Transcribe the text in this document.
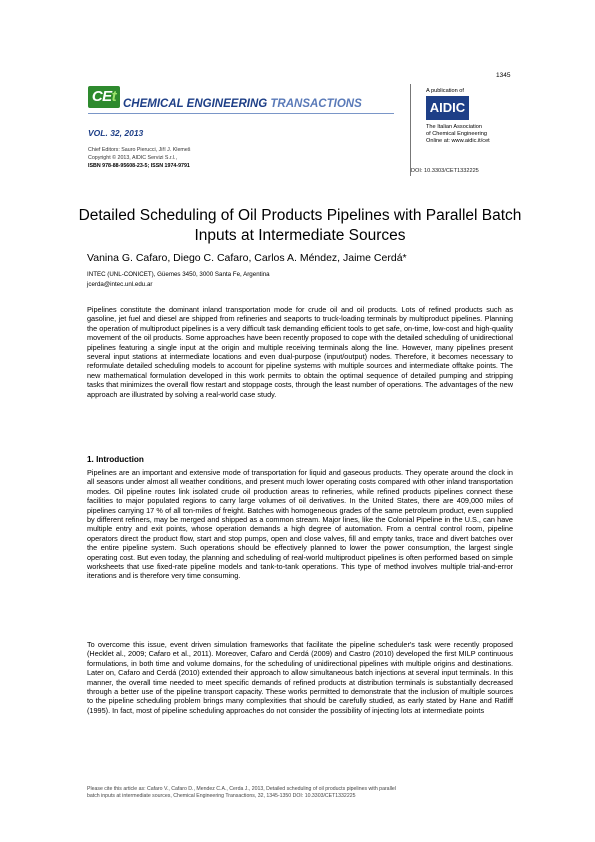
1345
CEt CHEMICAL ENGINEERING TRANSACTIONS
VOL. 32, 2013
Chief Editors: Sauro Pierucci, Jiří J. Klemeš
Copyright © 2013, AIDIC Servizi S.r.l.,
ISBN 978-88-95608-23-5; ISSN 1974-9791
A publication of
AIDIC
The Italian Association
of Chemical Engineering
Online at: www.aidic.it/cet
DOI: 10.3303/CET1332225
Detailed Scheduling of Oil Products Pipelines with Parallel Batch Inputs at Intermediate Sources
Vanina G. Cafaro, Diego C. Cafaro, Carlos A. Méndez, Jaime Cerdá*
INTEC (UNL-CONICET), Güemes 3450, 3000 Santa Fe, Argentina
jcerda@intec.unl.edu.ar

Pipelines constitute the dominant inland transportation mode for crude oil and oil products. Lots of refined products such as gasoline, jet fuel and diesel are shipped from refineries and seaports to truck-loading terminals by multiproduct pipelines. Planning the operation of multiproduct pipelines is a very difficult task demanding efficient tools to get safe, on-time, low-cost and high-quality movement of the oil products. Some approaches have been recently proposed to cope with the detailed scheduling of unidirectional pipelines featuring a single input at the origin and multiple receiving terminals along the line. However, many pipelines present several input stations at intermediate locations and even dual-purpose (input/output) nodes. Therefore, it becomes necessary to reformulate detailed scheduling models to account for pipeline systems with multiple sources and intermediate offtake points. The new mathematical formulation developed in this work permits to obtain the optimal sequence of detailed pumping and stripping tasks that minimizes the overall flow restart and stoppage costs, through the least number of operations. The advantages of the new approach are illustrated by solving a real-world case study.

1. Introduction

Pipelines are an important and extensive mode of transportation for liquid and gaseous products. They operate around the clock in all seasons under almost all weather conditions, and present much lower operating costs compared with other inland transportation modes. Oil pipeline routes link isolated crude oil production areas to refineries, while refined products pipelines connect these facilities to major populated regions to carry large volumes of oil derivatives. In the United States, there are 409,000 miles of pipelines carrying 17 % of all ton-miles of freight. Batches with homogeneous grades of the same petroleum product, even supplied by different refiners, may be merged and shipped as a common stream. Major lines, like the Colonial Pipeline in the U.S., can have multiple entry and exit points, whose operation demands a high degree of automation. From a central control room, pipeline operators direct the product flow, start and stop pumps, open and close valves, fill and empty tanks, trace and divert batches over the entire pipeline system. Such operations should be effectively planned to lower the power consumption, the largest single operating cost. But even today, the planning and scheduling of real-world multiproduct pipelines is often performed based on simple worksheets that use fixed-rate pipeline models and tank-to-tank operations. This type of method involves multiple trial-and-error iterations and is therefore very time consuming.

To overcome this issue, event driven simulation frameworks that facilitate the pipeline scheduler's task were recently proposed (Hecklet al., 2009; Cafaro et al., 2011). Moreover, Cafaro and Cerdá (2009) and Castro (2010) developed the first MILP continuous formulations, in both time and volume domains, for the scheduling of unidirectional pipelines with multiple origins and destinations. Later on, Cafaro and Cerdá (2010) extended their approach to allow simultaneous batch injections at several input terminals. In this manner, the overall time needed to meet specific demands of refined products at distribution terminals is substantially decreased through a better use of the pipeline transport capacity. These works permitted to demonstrate that the inclusion of multiple sources to the pipeline scheduling problem brings many complexities that should be carefully studied, as early stated by Hane and Ratliff (1995). In fact, most of pipeline scheduling approaches do not consider the possibility of injecting lots at intermediate points

Please cite this article as: Cafaro V., Cafaro D., Mendez C.A., Cerda J., 2013, Detailed scheduling of oil products pipelines with parallel
batch inputs at intermediate sources, Chemical Engineering Transactions, 32, 1345-1350 DOI: 10.3303/CET1332225
